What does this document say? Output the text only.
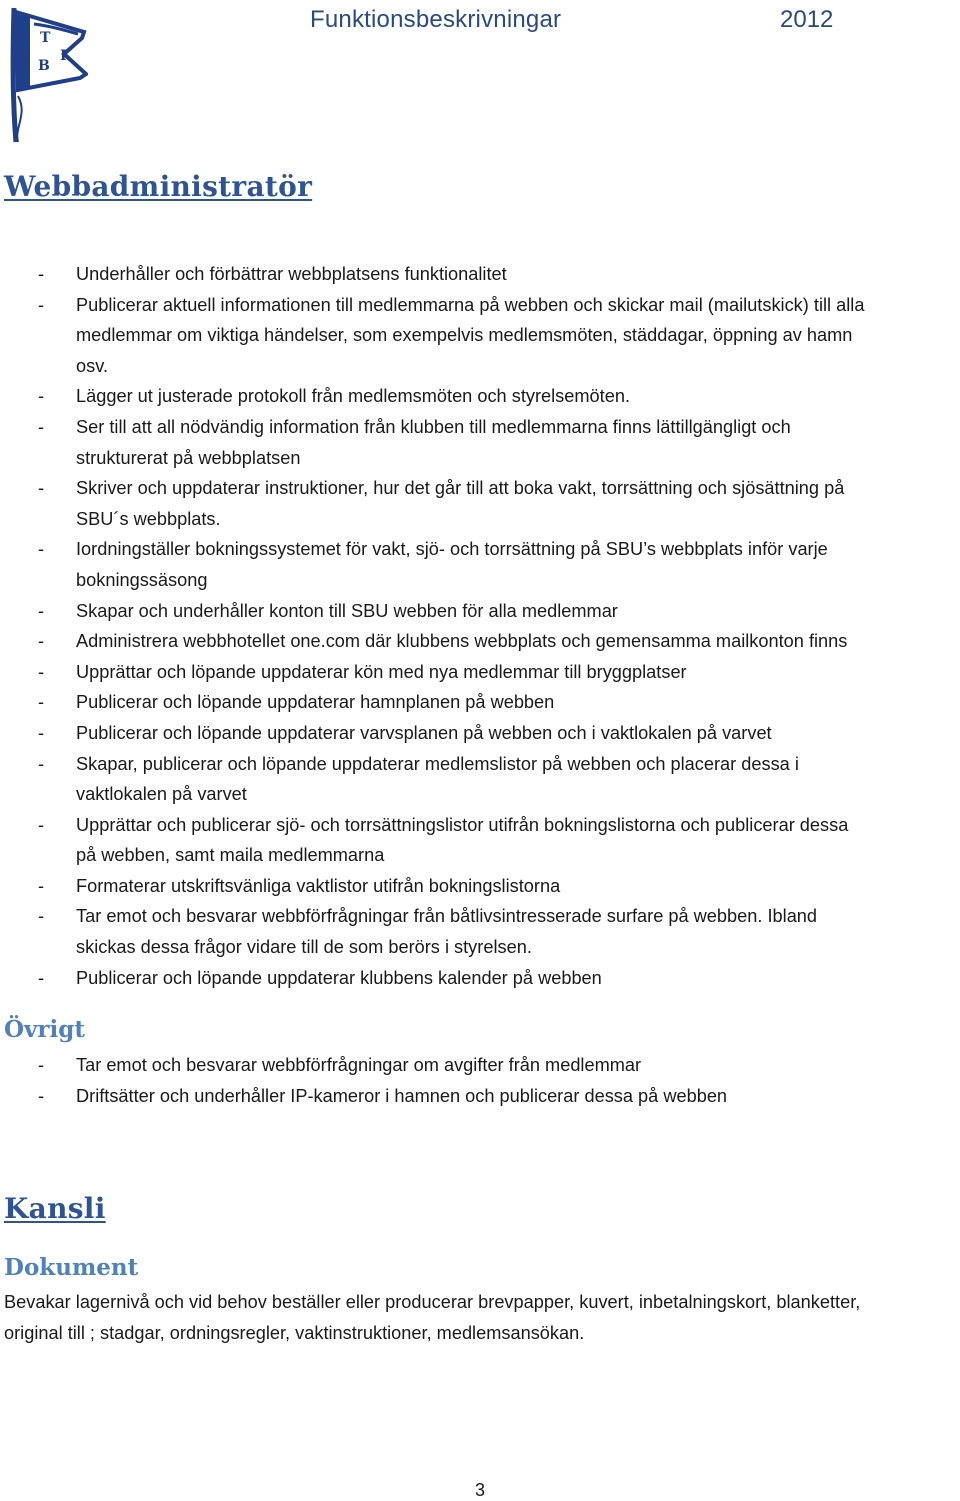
T
B
K
Funktionsbeskrivningar	2012
Webbadministratör
- Underhåller och förbättrar webbplatsens funktionalitet
- Publicerar aktuell informationen till medlemmarna på webben och skickar mail (mailutskick) till alla
medlemmar om viktiga händelser, som exempelvis medlemsmöten, städdagar, öppning av hamn
osv.
- Lägger ut justerade protokoll från medlemsmöten och styrelsemöten.
- Ser till att all nödvändig information från klubben till medlemmarna finns lättillgängligt och
strukturerat på webbplatsen
- Skriver och uppdaterar instruktioner, hur det går till att boka vakt, torrsättning och sjösättning på
SBU´s webbplats.
- Iordningställer bokningssystemet för vakt, sjö- och torrsättning på SBU’s webbplats inför varje
bokningssäsong
- Skapar och underhåller konton till SBU webben för alla medlemmar
- Administrera webbhotellet one.com där klubbens webbplats och gemensamma mailkonton finns
- Upprättar och löpande uppdaterar kön med nya medlemmar till bryggplatser
- Publicerar och löpande uppdaterar hamnplanen på webben
- Publicerar och löpande uppdaterar varvsplanen på webben och i vaktlokalen på varvet
- Skapar, publicerar och löpande uppdaterar medlemslistor på webben och placerar dessa i
vaktlokalen på varvet
- Upprättar och publicerar sjö- och torrsättningslistor utifrån bokningslistorna och publicerar dessa
på webben, samt maila medlemmarna
- Formaterar utskriftsvänliga vaktlistor utifrån bokningslistorna
- Tar emot och besvarar webbförfrågningar från båtlivsintresserade surfare på webben. Ibland
skickas dessa frågor vidare till de som berörs i styrelsen.
- Publicerar och löpande uppdaterar klubbens kalender på webben
Övrigt
- Tar emot och besvarar webbförfrågningar om avgifter från medlemmar
- Driftsätter och underhåller IP-kameror i hamnen och publicerar dessa på webben
Kansli
Dokument
Bevakar lagernivå och vid behov beställer eller producerar brevpapper, kuvert, inbetalningskort, blanketter,
original till ; stadgar, ordningsregler, vaktinstruktioner, medlemsansökan.
3
